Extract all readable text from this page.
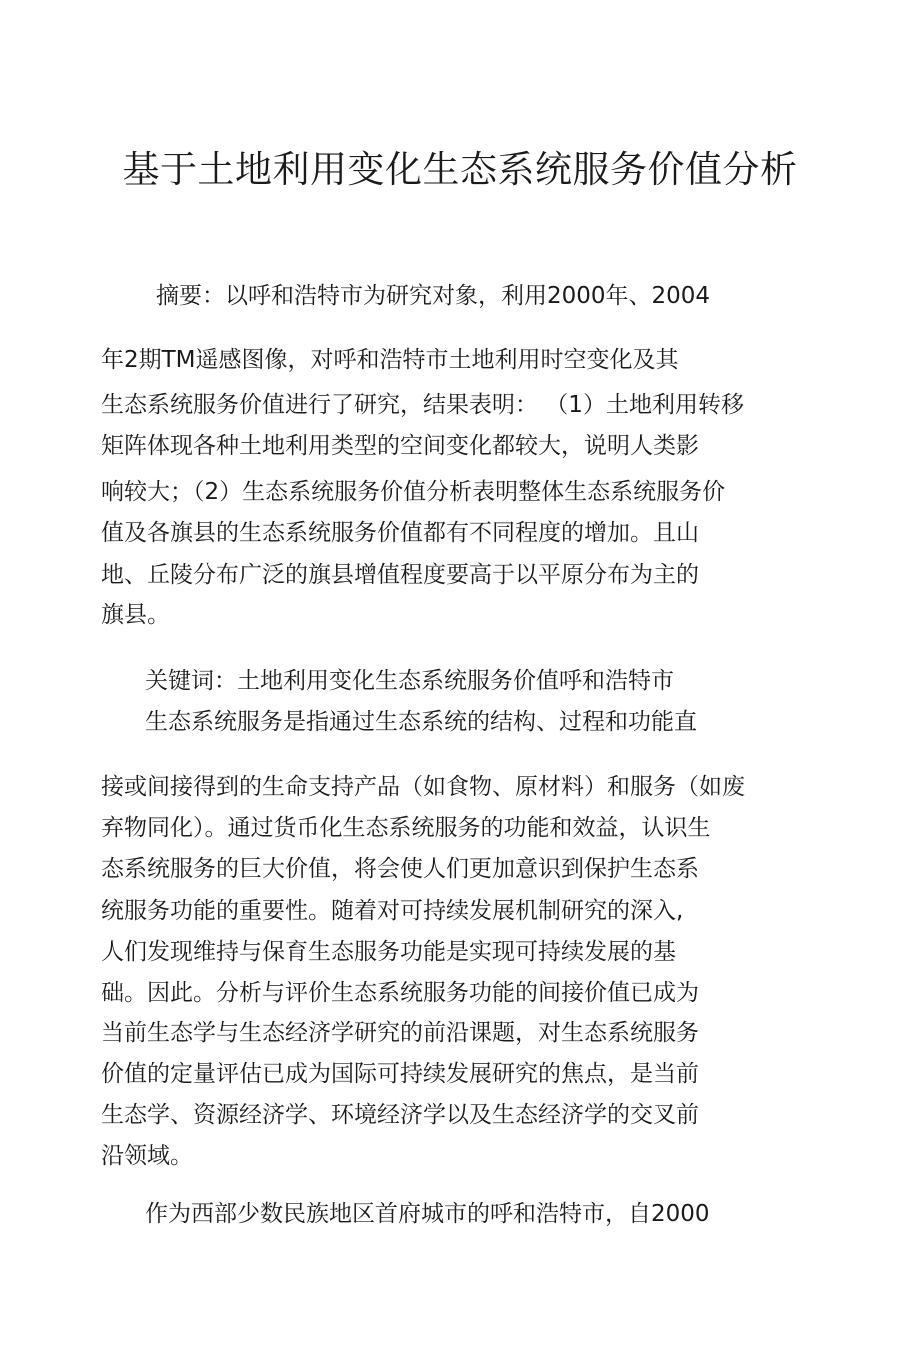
基于土地利用变化生态系统服务价值分析
摘要：以呼和浩特市为研究对象，利用2000年、2004
年2期TM遥感图像，对呼和浩特市土地利用时空变化及其
生态系统服务价值进行了研究，结果表明： （1）土地利用转移
矩阵体现各种土地利用类型的空间变化都较大，说明人类影
响较大；（2）生态系统服务价值分析表明整体生态系统服务价
值及各旗县的生态系统服务价值都有不同程度的增加。且山
地、丘陵分布广泛的旗县增值程度要高于以平原分布为主的
旗县。
关键词：土地利用变化生态系统服务价值呼和浩特市
生态系统服务是指通过生态系统的结构、过程和功能直
接或间接得到的生命支持产品（如食物、原材料）和服务（如废
弃物同化）。通过货币化生态系统服务的功能和效益，认识生
态系统服务的巨大价值，将会使人们更加意识到保护生态系
统服务功能的重要性。随着对可持续发展机制研究的深入,
人们发现维持与保育生态服务功能是实现可持续发展的基
础。因此。分析与评价生态系统服务功能的间接价值已成为
当前生态学与生态经济学研究的前沿课题，对生态系统服务
价值的定量评估已成为国际可持续发展研究的焦点，是当前
生态学、资源经济学、环境经济学以及生态经济学的交叉前
沿领域。
作为西部少数民族地区首府城市的呼和浩特市，自2000
